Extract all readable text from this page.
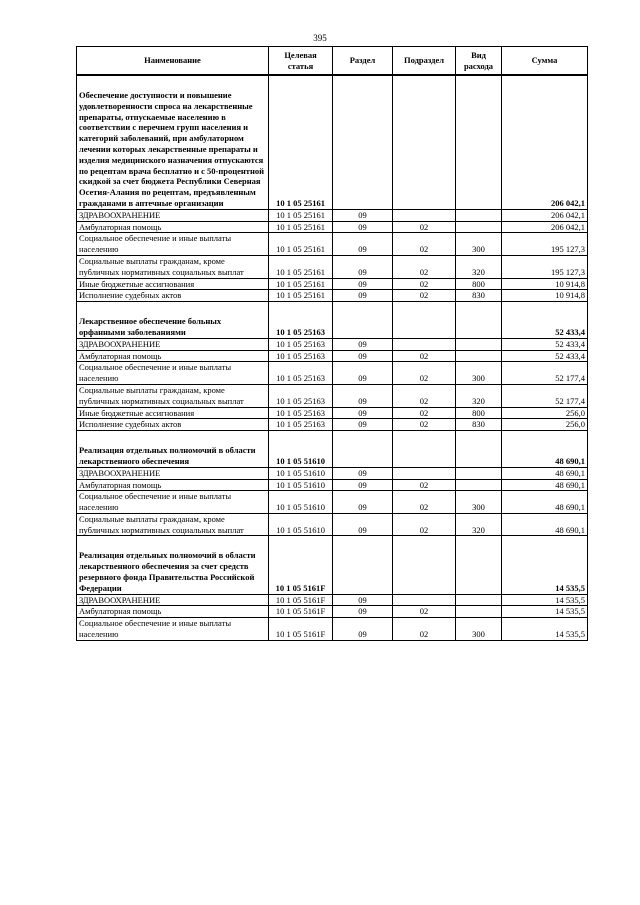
395
Наименование	Целевая статья	Раздел	Подраздел	Вид расхода	Сумма
Обеспечение доступности и повышение удовлетворенности спроса на лекарственные препараты, отпускаемые населению в соответствии с перечнем групп населения и категорий заболеваний, при амбулаторном лечении которых лекарственные препараты и изделия медицинского назначения отпускаются по рецептам врача бесплатно и с 50-процентной скидкой за счет бюджета Республики Северная Осетия-Алания по рецептам, предъявленным гражданами в аптечные организации	10 1 05 25161				206 042,1
ЗДРАВООХРАНЕНИЕ	10 1 05 25161	09			206 042,1
Амбулаторная помощь	10 1 05 25161	09	02		206 042,1
Социальное обеспечение и иные выплаты населению	10 1 05 25161	09	02	300	195 127,3
Социальные выплаты гражданам, кроме публичных нормативных социальных выплат	10 1 05 25161	09	02	320	195 127,3
Иные бюджетные ассигнования	10 1 05 25161	09	02	800	10 914,8
Исполнение судебных актов	10 1 05 25161	09	02	830	10 914,8
Лекарственное обеспечение больных орфанными заболеваниями	10 1 05 25163				52 433,4
ЗДРАВООХРАНЕНИЕ	10 1 05 25163	09			52 433,4
Амбулаторная помощь	10 1 05 25163	09	02		52 433,4
Социальное обеспечение и иные выплаты населению	10 1 05 25163	09	02	300	52 177,4
Социальные выплаты гражданам, кроме публичных нормативных социальных выплат	10 1 05 25163	09	02	320	52 177,4
Иные бюджетные ассигнования	10 1 05 25163	09	02	800	256,0
Исполнение судебных актов	10 1 05 25163	09	02	830	256,0
Реализация отдельных полномочий в области лекарственного обеспечения	10 1 05 51610				48 690,1
ЗДРАВООХРАНЕНИЕ	10 1 05 51610	09			48 690,1
Амбулаторная помощь	10 1 05 51610	09	02		48 690,1
Социальное обеспечение и иные выплаты населению	10 1 05 51610	09	02	300	48 690,1
Социальные выплаты гражданам, кроме публичных нормативных социальных выплат	10 1 05 51610	09	02	320	48 690,1
Реализация отдельных полномочий в области лекарственного обеспечения за счет средств резервного фонда Правительства Российской Федерации	10 1 05 5161F				14 535,5
ЗДРАВООХРАНЕНИЕ	10 1 05 5161F	09			14 535,5
Амбулаторная помощь	10 1 05 5161F	09	02		14 535,5
Социальное обеспечение и иные выплаты населению	10 1 05 5161F	09	02	300	14 535,5
